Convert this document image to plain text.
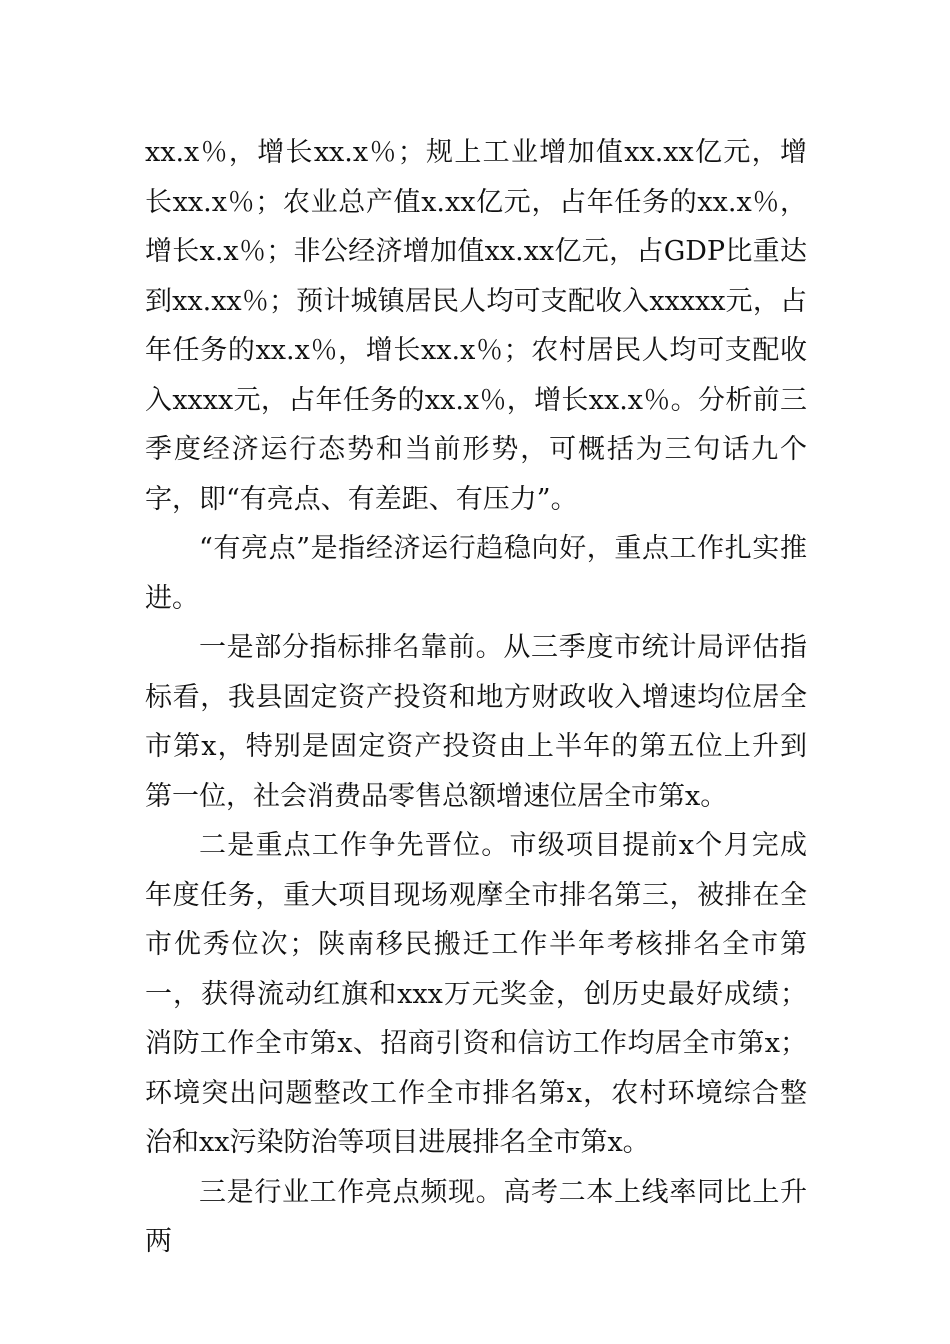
xx.x％，增长xx.x％；规上工业增加值xx.xx亿元，增长xx.x％；农业总产值x.xx亿元，占年任务的xx.x％，增长x.x％；非公经济增加值xx.xx亿元，占GDP比重达到xx.xx％；预计城镇居民人均可支配收入xxxxx元，占年任务的xx.x％，增长xx.x％；农村居民人均可支配收入xxxx元，占年任务的xx.x％，增长xx.x％。分析前三季度经济运行态势和当前形势，可概括为三句话九个字，即“有亮点、有差距、有压力”。

“有亮点”是指经济运行趋稳向好，重点工作扎实推进。

一是部分指标排名靠前。从三季度市统计局评估指标看，我县固定资产投资和地方财政收入增速均位居全市第x，特别是固定资产投资由上半年的第五位上升到第一位，社会消费品零售总额增速位居全市第x。

二是重点工作争先晋位。市级项目提前x个月完成年度任务，重大项目现场观摩全市排名第三，被排在全市优秀位次；陕南移民搬迁工作半年考核排名全市第一，获得流动红旗和xxx万元奖金，创历史最好成绩；消防工作全市第x、招商引资和信访工作均居全市第x；环境突出问题整改工作全市排名第x，农村环境综合整治和xx污染防治等项目进展排名全市第x。

三是行业工作亮点频现。高考二本上线率同比上升两
